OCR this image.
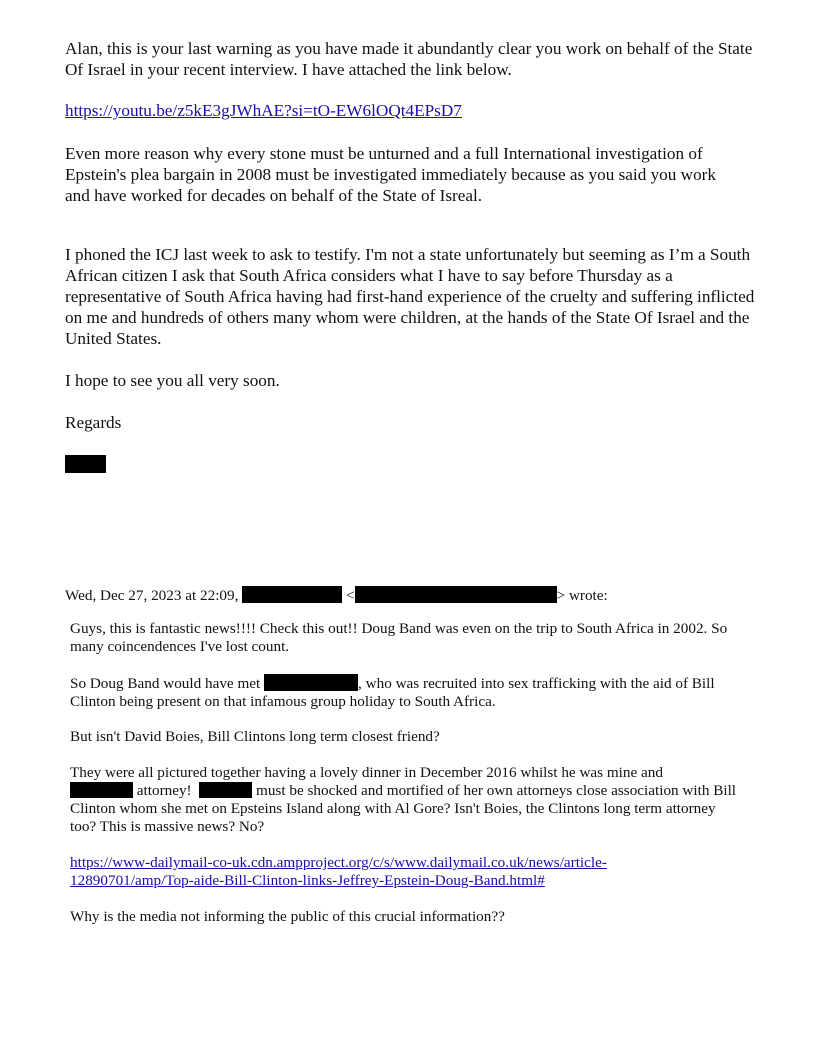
Alan, this is your last warning as you have made it abundantly clear you work on behalf of the State Of Israel in your recent interview. I have attached the link below.

https://youtu.be/z5kE3gJWhAE?si=tO-EW6lOQt4EPsD7

Even more reason why every stone must be unturned and a full International investigation of Epstein's plea bargain in 2008 must be investigated immediately because as you said you work and have worked for decades on behalf of the State of Isreal.

I phoned the ICJ last week to ask to testify. I'm not a state unfortunately but seeming as I’m a South African citizen I ask that South Africa considers what I have to say before Thursday as a representative of South Africa having had first-hand experience of the cruelty and suffering inflicted on me and hundreds of others many whom were children, at the hands of the State Of Israel and the United States.

I hope to see you all very soon.

Regards

Wed, Dec 27, 2023 at 22:09,	<	> wrote:

Guys, this is fantastic news!!!! Check this out!! Doug Band was even on the trip to South Africa in 2002. So many coincendences I've lost count.

So Doug Band would have met	, who was recruited into sex trafficking with the aid of Bill Clinton being present on that infamous group holiday to South Africa.

But isn't David Boies, Bill Clintons long term closest friend?

They were all pictured together having a lovely dinner in December 2016 whilst he was mine and
attorney!	must be shocked and mortified of her own attorneys close association with Bill Clinton whom she met on Epsteins Island along with Al Gore? Isn't Boies, the Clintons long term attorney too? This is massive news? No?

https://www-dailymail-co-uk.cdn.ampproject.org/c/s/www.dailymail.co.uk/news/article-
12890701/amp/Top-aide-Bill-Clinton-links-Jeffrey-Epstein-Doug-Band.html#

Why is the media not informing the public of this crucial information??
